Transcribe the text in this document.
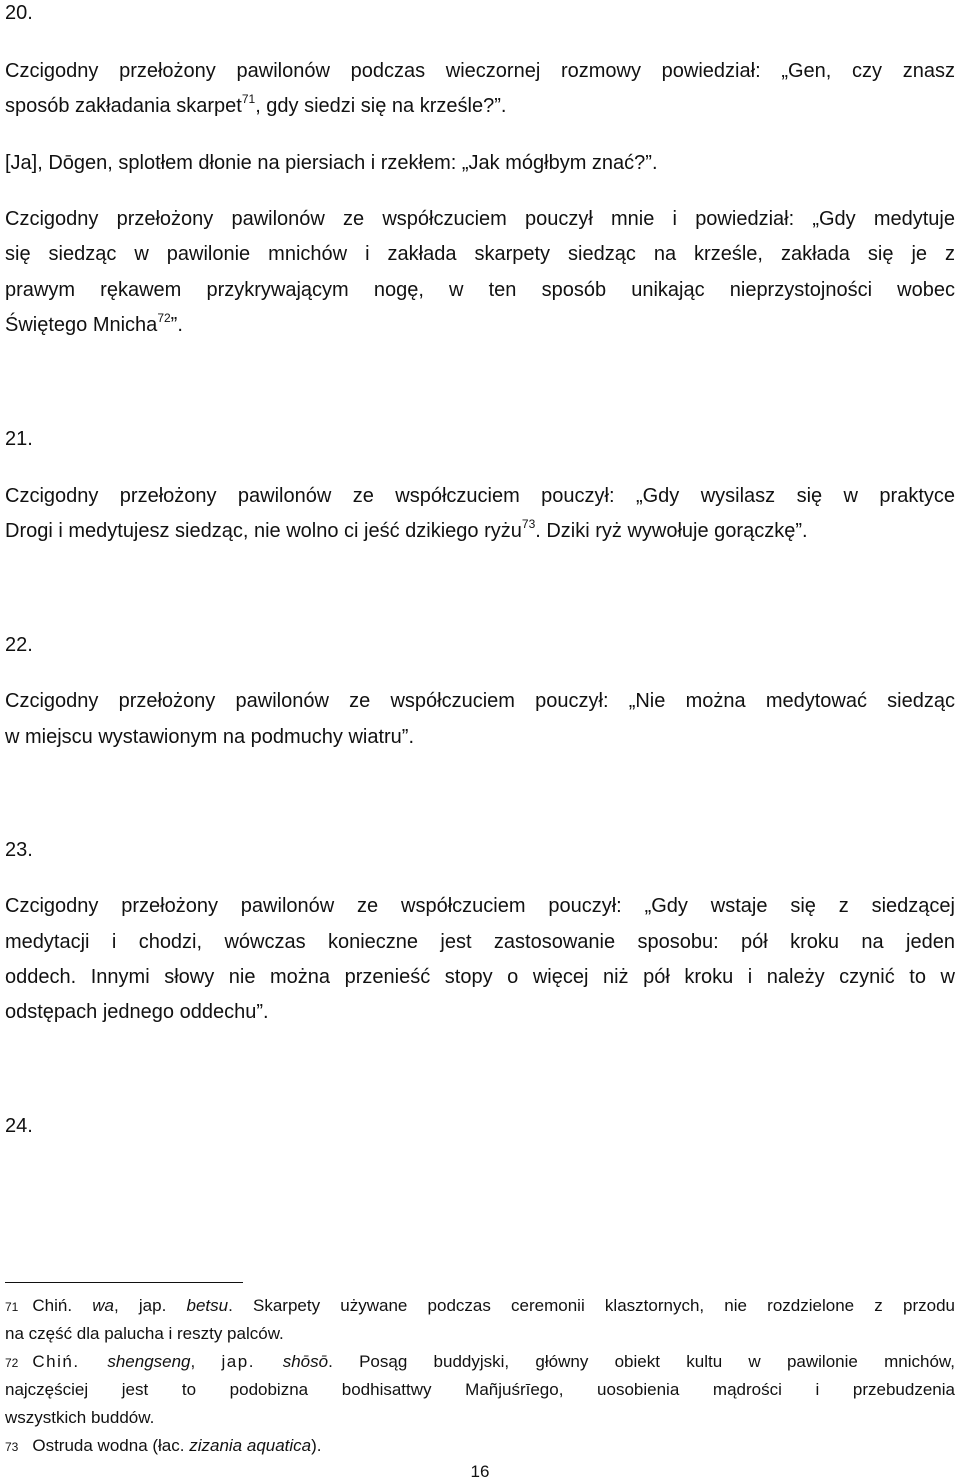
20.
Czcigodny przełożony pawilonów podczas wieczornej rozmowy powiedział: „Gen, czy znasz
sposób zakładania skarpet$^{71}$, gdy siedzi się na krześle?”.
[Ja], Dōgen, splotłem dłonie na piersiach i rzekłem: „Jak mógłbym znać?”.
Czcigodny przełożony pawilonów ze współczuciem pouczył mnie i powiedział: „Gdy medytuje
się siedząc w pawilonie mnichów i zakłada skarpety siedząc na krześle, zakłada się je z
prawym rękawem przykrywającym nogę, w ten sposób unikając nieprzystojności wobec
Świętego Mnicha$^{72}$”.
21.
Czcigodny przełożony pawilonów ze współczuciem pouczył: „Gdy wysilasz się w praktyce
Drogi i medytujesz siedząc, nie wolno ci jeść dzikiego ryżu$^{73}$. Dziki ryż wywołuje gorączkę”.
22.
Czcigodny przełożony pawilonów ze współczuciem pouczył: „Nie można medytować siedząc
w miejscu wystawionym na podmuchy wiatru”.
23.
Czcigodny przełożony pawilonów ze współczuciem pouczył: „Gdy wstaje się z siedzącej
medytacji i chodzi, wówczas konieczne jest zastosowanie sposobu: pół kroku na jeden
oddech. Innymi słowy nie można przenieść stopy o więcej niż pół kroku i należy czynić to w
odstępach jednego oddechu”.
24.
71 Chiń. wa, jap. betsu. Skarpety używane podczas ceremonii klasztornych, nie rozdzielone z przodu
na część dla palucha i reszty palców.
72 Chiń. shengseng, jap. shōsō. Posąg buddyjski, główny obiekt kultu w pawilonie mnichów,
najczęściej jest to podobizna bodhisattwy Mañjuśrīego, uosobienia mądrości i przebudzenia
wszystkich buddów.
73 Ostruda wodna (łac. zizania aquatica).
16
